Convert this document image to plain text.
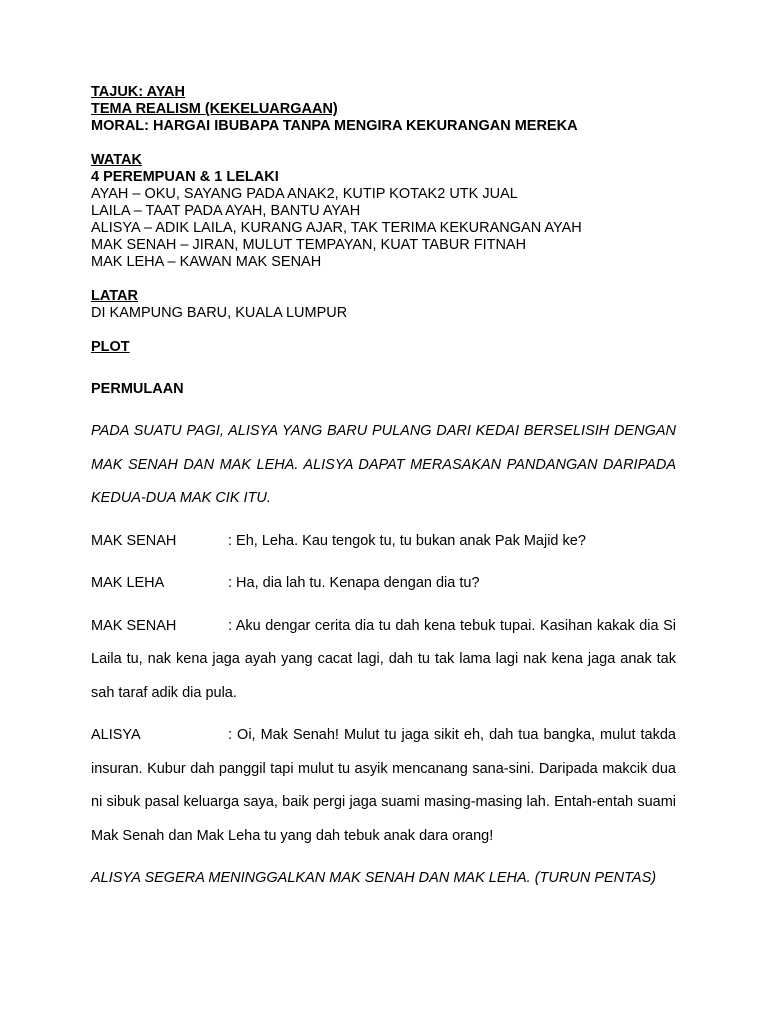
TAJUK: AYAH
TEMA REALISM (KEKELUARGAAN)
MORAL: HARGAI IBUBAPA TANPA MENGIRA KEKURANGAN MEREKA
WATAK
4 PEREMPUAN & 1 LELAKI
AYAH – OKU, SAYANG PADA ANAK2, KUTIP KOTAK2 UTK JUAL
LAILA – TAAT PADA AYAH, BANTU AYAH
ALISYA – ADIK LAILA, KURANG AJAR, TAK TERIMA KEKURANGAN AYAH
MAK SENAH – JIRAN, MULUT TEMPAYAN, KUAT TABUR FITNAH
MAK LEHA – KAWAN MAK SENAH
LATAR
DI KAMPUNG BARU, KUALA LUMPUR
PLOT
PERMULAAN
PADA SUATU PAGI, ALISYA YANG BARU PULANG DARI KEDAI BERSELISIH DENGAN MAK SENAH DAN MAK LEHA. ALISYA DAPAT MERASAKAN PANDANGAN DARIPADA KEDUA-DUA MAK CIK ITU.
MAK SENAH	: Eh, Leha. Kau tengok tu, tu bukan anak Pak Majid ke?
MAK LEHA	: Ha, dia lah tu. Kenapa dengan dia tu?
MAK SENAH	: Aku dengar cerita dia tu dah kena tebuk tupai. Kasihan kakak dia Si Laila tu, nak kena jaga ayah yang cacat lagi, dah tu tak lama lagi nak kena jaga anak tak sah taraf adik dia pula.
ALISYA	: Oi, Mak Senah! Mulut tu jaga sikit eh, dah tua bangka, mulut takda insuran. Kubur dah panggil tapi mulut tu asyik mencanang sana-sini. Daripada makcik dua ni sibuk pasal keluarga saya, baik pergi jaga suami masing-masing lah. Entah-entah suami Mak Senah dan Mak Leha tu yang dah tebuk anak dara orang!
ALISYA SEGERA MENINGGALKAN MAK SENAH DAN MAK LEHA. (TURUN PENTAS)
